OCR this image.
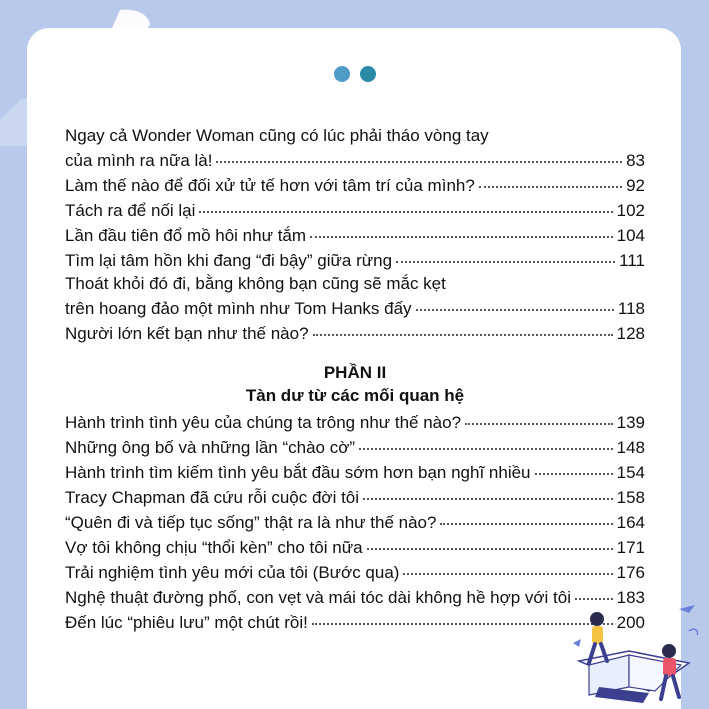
Ngay cả Wonder Woman cũng có lúc phải tháo vòng tay
của mình ra nữa là!	83
Làm thế nào để đối xử tử tế hơn với tâm trí của mình?	92
Tách ra để nối lại	102
Lần đầu tiên đổ mồ hôi như tắm	104
Tìm lại tâm hồn khi đang “đi bậy” giữa rừng	111
Thoát khỏi đó đi, bằng không bạn cũng sẽ mắc kẹt
trên hoang đảo một mình như Tom Hanks đấy	118
Người lớn kết bạn như thế nào?	128
PHẦN II
Tàn dư từ các mối quan hệ
Hành trình tình yêu của chúng ta trông như thế nào?	139
Những ông bố và những lần “chào cờ”	148
Hành trình tìm kiếm tình yêu bắt đầu sớm hơn bạn nghĩ nhiều	154
Tracy Chapman đã cứu rỗi cuộc đời tôi	158
“Quên đi và tiếp tục sống” thật ra là như thế nào?	164
Vợ tôi không chịu “thổi kèn” cho tôi nữa	171
Trải nghiệm tình yêu mới của tôi (Bước qua)	176
Nghệ thuật đường phố, con vẹt và mái tóc dài không hề hợp với tôi	183
Đến lúc “phiêu lưu” một chút rồi!	200
